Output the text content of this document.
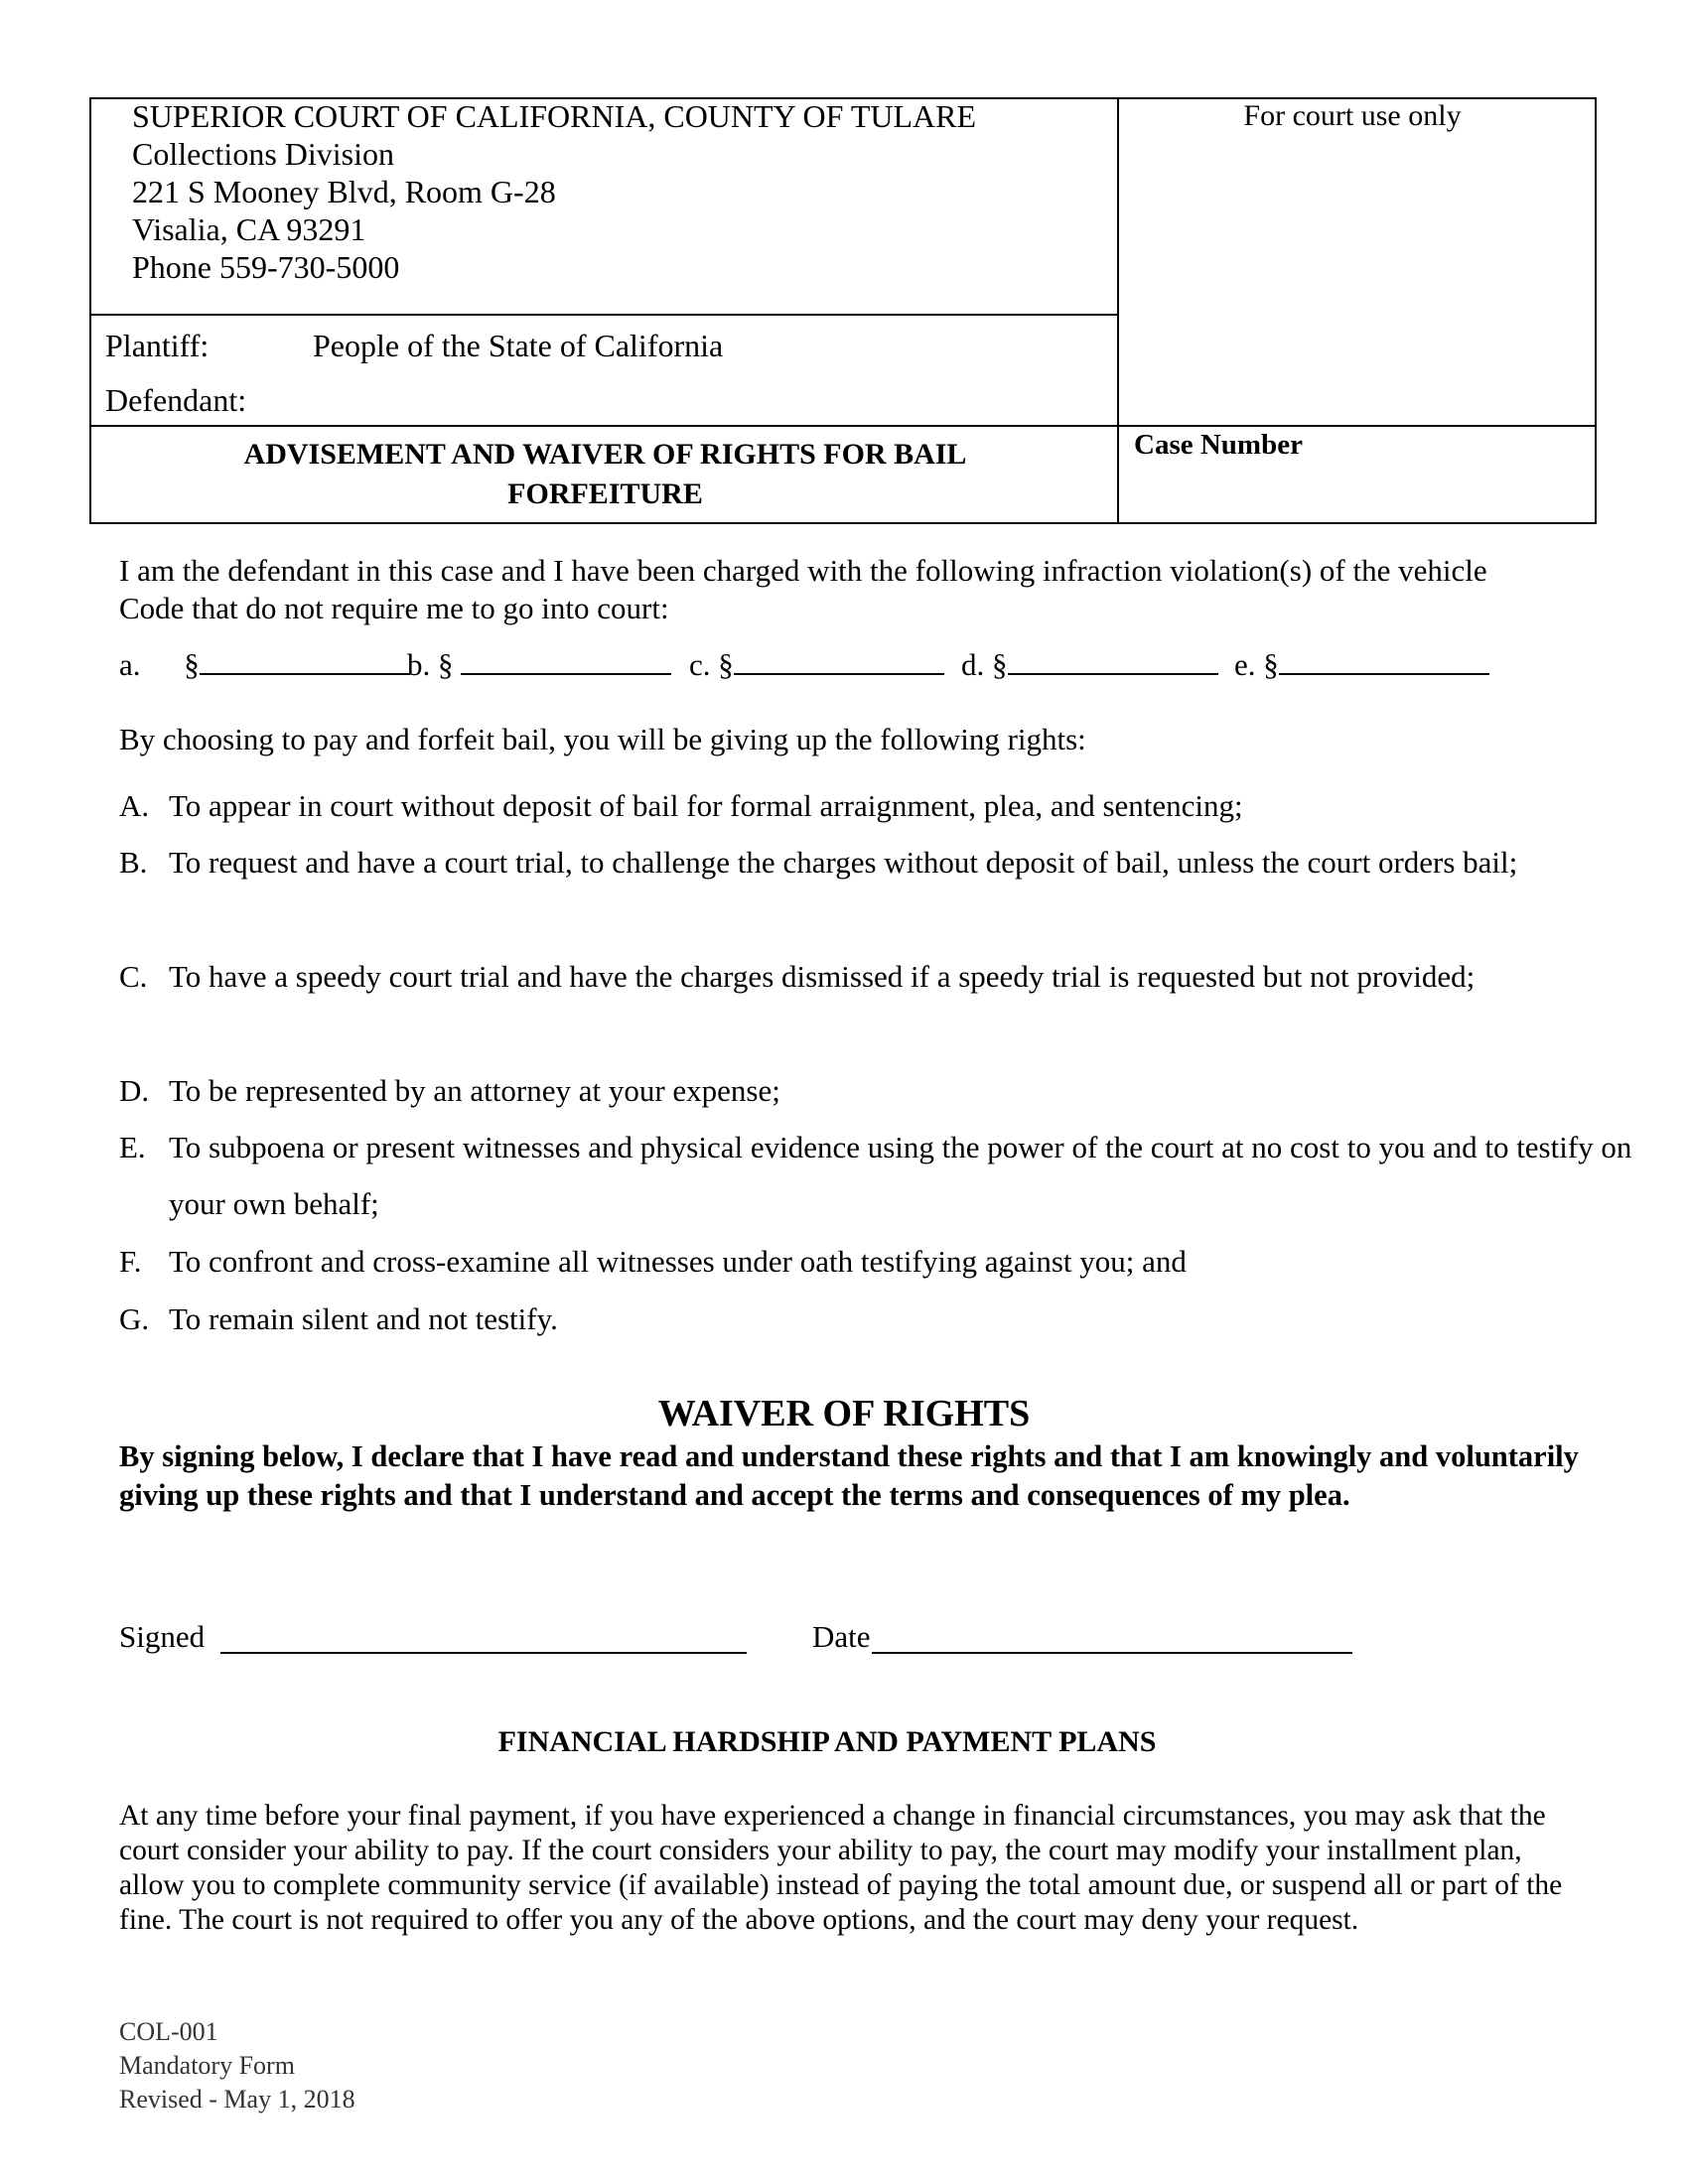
SUPERIOR COURT OF CALIFORNIA, COUNTY OF TULARE
Collections Division
221 S Mooney Blvd, Room G-28
Visalia, CA 93291
Phone 559-730-5000
For court use only
Plantiff:	People of the State of California
Defendant:
ADVISEMENT AND WAIVER OF RIGHTS FOR BAIL
FORFEITURE
Case Number
I am the defendant in this case and I have been charged with the following infraction violation(s) of the vehicle Code that do not require me to go into court:
a. §	b. §	c. §	d. §	e. §
By choosing to pay and forfeit bail, you will be giving up the following rights:
A. To appear in court without deposit of bail for formal arraignment, plea, and sentencing;
B. To request and have a court trial, to challenge the charges without deposit of bail, unless the court orders bail;
C. To have a speedy court trial and have the charges dismissed if a speedy trial is requested but not provided;
D. To be represented by an attorney at your expense;
E. To subpoena or present witnesses and physical evidence using the power of the court at no cost to you and to testify on your own behalf;
F. To confront and cross-examine all witnesses under oath testifying against you; and
G. To remain silent and not testify.
WAIVER OF RIGHTS
By signing below, I declare that I have read and understand these rights and that I am knowingly and voluntarily giving up these rights and that I understand and accept the terms and consequences of my plea.
Signed	Date
FINANCIAL HARDSHIP AND PAYMENT PLANS
At any time before your final payment, if you have experienced a change in financial circumstances, you may ask that the court consider your ability to pay. If the court considers your ability to pay, the court may modify your installment plan, allow you to complete community service (if available) instead of paying the total amount due, or suspend all or part of the fine. The court is not required to offer you any of the above options, and the court may deny your request.
COL-001
Mandatory Form
Revised - May 1, 2018
